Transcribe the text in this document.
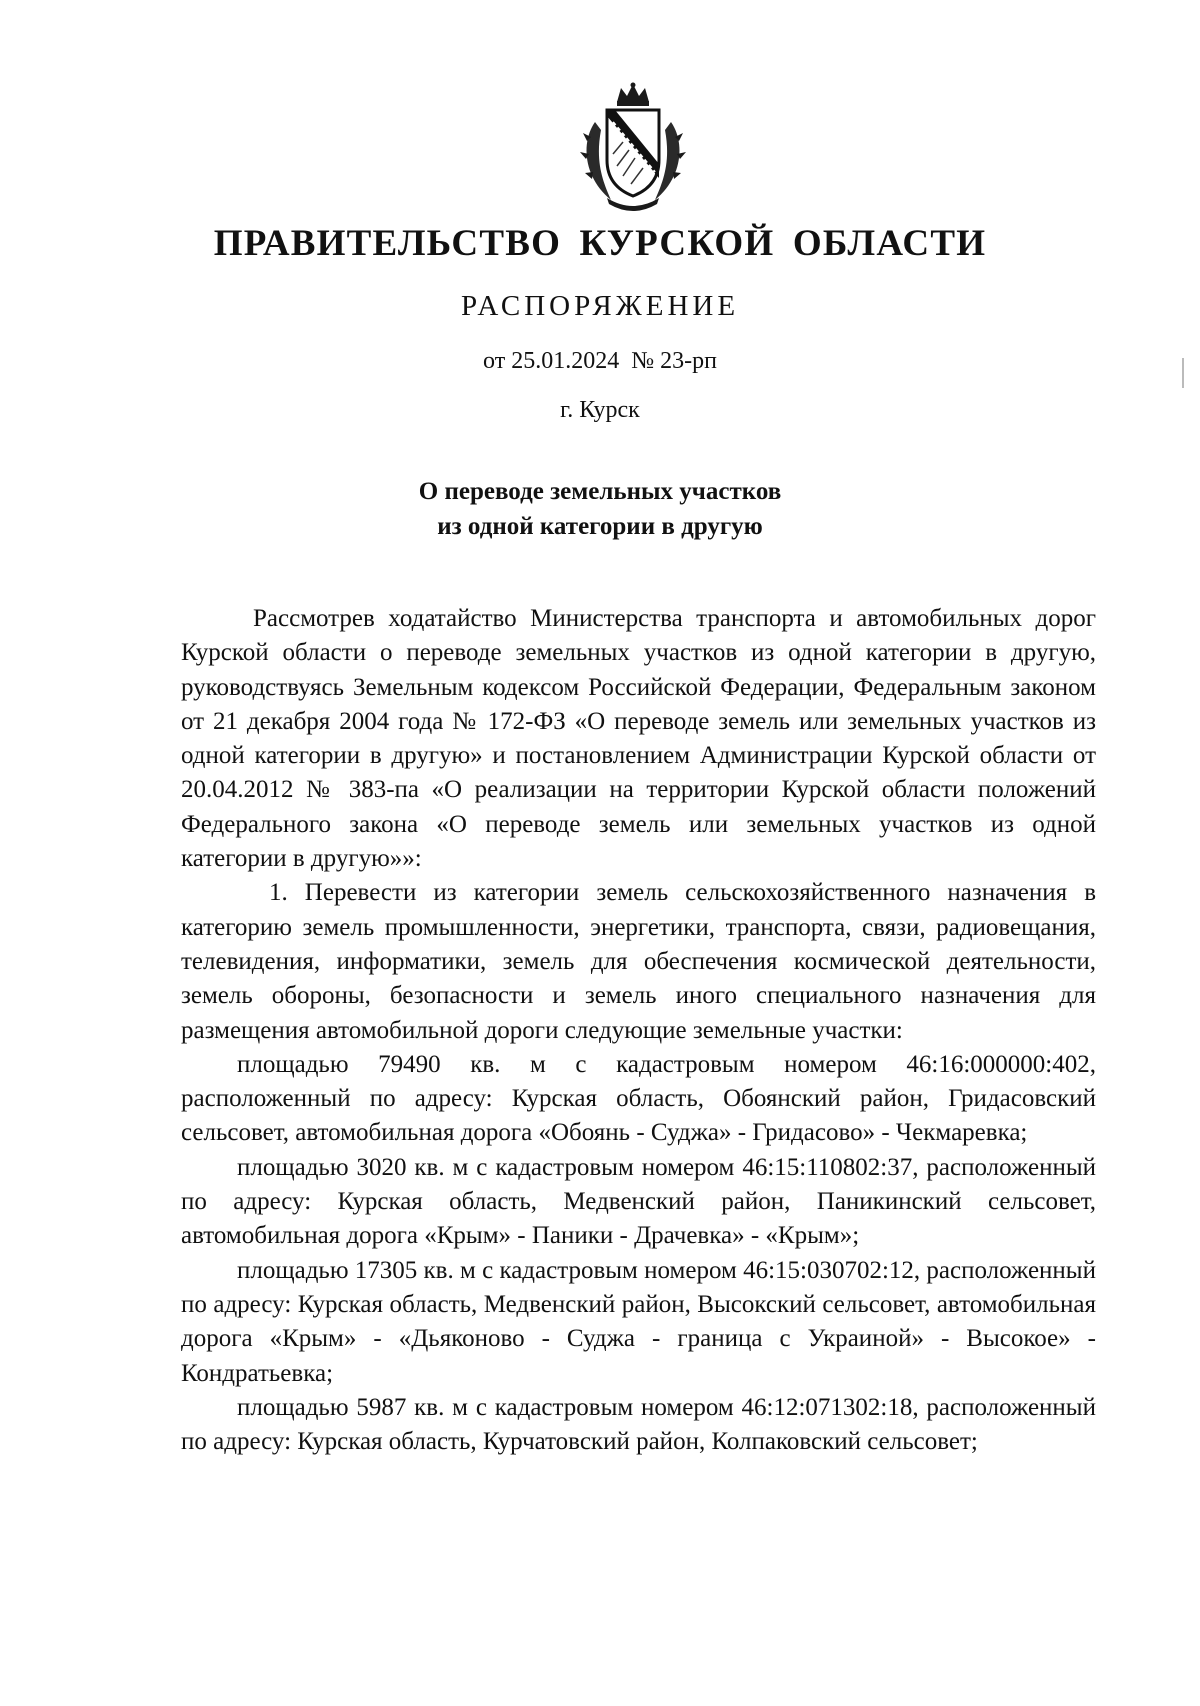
ПРАВИТЕЛЬСТВО КУРСКОЙ ОБЛАСТИ
РАСПОРЯЖЕНИЕ
от 25.01.2024 № 23-рп
г. Курск
О переводе земельных участков
из одной категории в другую

Рассмотрев ходатайство Министерства транспорта и автомобильных дорог Курской области о переводе земельных участков из одной категории в другую, руководствуясь Земельным кодексом Российской Федерации, Федеральным законом от 21 декабря 2004 года № 172-ФЗ «О переводе земель или земельных участков из одной категории в другую» и постановлением Администрации Курской области от 20.04.2012 № 383-па «О реализации на территории Курской области положений Федерального закона «О переводе земель или земельных участков из одной категории в другую»»:

1. Перевести из категории земель сельскохозяйственного назначения в категорию земель промышленности, энергетики, транспорта, связи, радиовещания, телевидения, информатики, земель для обеспечения космической деятельности, земель обороны, безопасности и земель иного специального назначения для размещения автомобильной дороги следующие земельные участки:

площадью 79490 кв. м с кадастровым номером 46:16:000000:402, расположенный по адресу: Курская область, Обоянский район, Гридасовский сельсовет, автомобильная дорога «Обоянь - Суджа» - Гридасово» - Чекмаревка;

площадью 3020 кв. м с кадастровым номером 46:15:110802:37, расположенный по адресу: Курская область, Медвенский район, Паникинский сельсовет, автомобильная дорога «Крым» - Паники - Драчевка» - «Крым»;

площадью 17305 кв. м с кадастровым номером 46:15:030702:12, расположенный по адресу: Курская область, Медвенский район, Высокский сельсовет, автомобильная дорога «Крым» - «Дьяконово - Суджа - граница с Украиной» - Высокое» - Кондратьевка;

площадью 5987 кв. м с кадастровым номером 46:12:071302:18, расположенный по адресу: Курская область, Курчатовский район, Колпаковский сельсовет;
